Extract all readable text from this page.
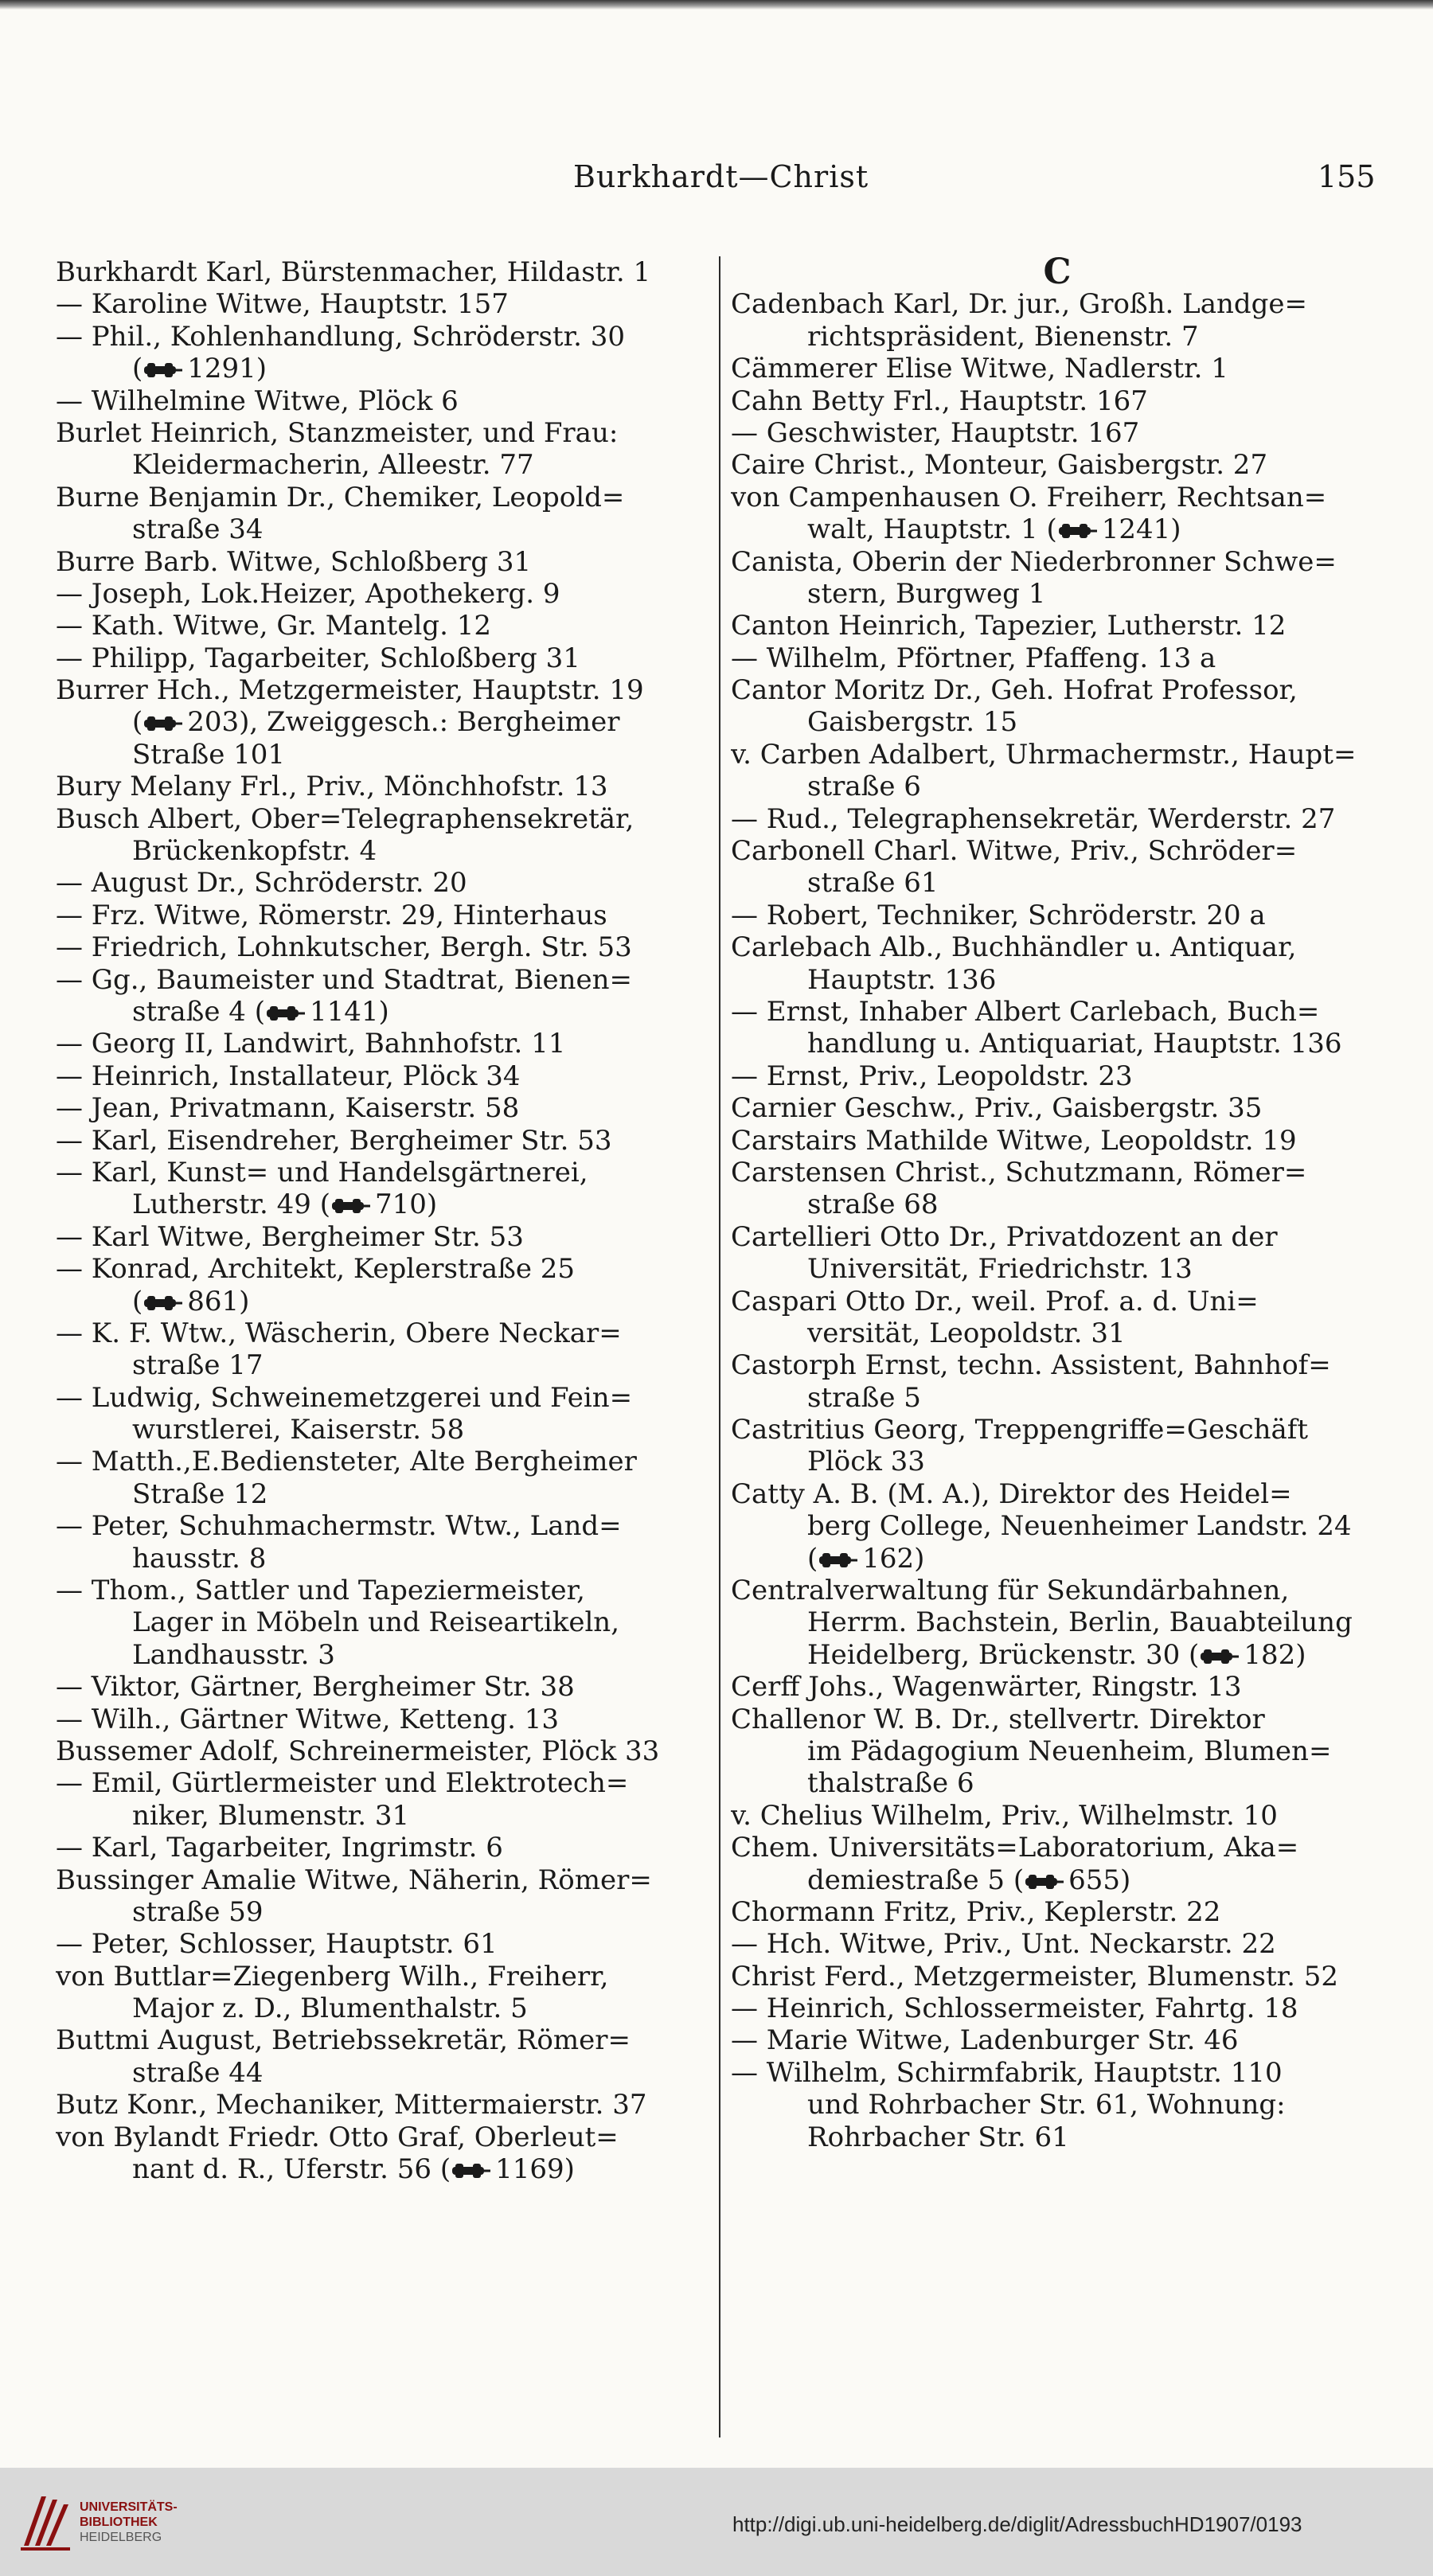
Burkhardt—Christ	155
Burkhardt Karl, Bürstenmacher, Hildastr. 1
— Karoline Witwe, Hauptstr. 157
— Phil., Kohlenhandlung, Schröderstr. 30
( 1291)
— Wilhelmine Witwe, Plöck 6
Burlet Heinrich, Stanzmeister, und Frau:
Kleidermacherin, Alleestr. 77
Burne Benjamin Dr., Chemiker, Leopold=
straße 34
Burre Barb. Witwe, Schloßberg 31
— Joseph, Lok.Heizer, Apothekerg. 9
— Kath. Witwe, Gr. Mantelg. 12
— Philipp, Tagarbeiter, Schloßberg 31
Burrer Hch., Metzgermeister, Hauptstr. 19
( 203), Zweiggesch.: Bergheimer
Straße 101
Bury Melany Frl., Priv., Mönchhofstr. 13
Busch Albert, Ober=Telegraphensekretär,
Brückenkopfstr. 4
— August Dr., Schröderstr. 20
— Frz. Witwe, Römerstr. 29, Hinterhaus
— Friedrich, Lohnkutscher, Bergh. Str. 53
— Gg., Baumeister und Stadtrat, Bienen=
straße 4 ( 1141)
— Georg II, Landwirt, Bahnhofstr. 11
— Heinrich, Installateur, Plöck 34
— Jean, Privatmann, Kaiserstr. 58
— Karl, Eisendreher, Bergheimer Str. 53
— Karl, Kunst= und Handelsgärtnerei,
Lutherstr. 49 ( 710)
— Karl Witwe, Bergheimer Str. 53
— Konrad, Architekt, Keplerstraße 25
( 861)
— K. F. Wtw., Wäscherin, Obere Neckar=
straße 17
— Ludwig, Schweinemetzgerei und Fein=
wurstlerei, Kaiserstr. 58
— Matth.,E.Bediensteter, Alte Bergheimer
Straße 12
— Peter, Schuhmachermstr. Wtw., Land=
hausstr. 8
— Thom., Sattler und Tapeziermeister,
Lager in Möbeln und Reiseartikeln,
Landhausstr. 3
— Viktor, Gärtner, Bergheimer Str. 38
— Wilh., Gärtner Witwe, Ketteng. 13
Bussemer Adolf, Schreinermeister, Plöck 33
— Emil, Gürtlermeister und Elektrotech=
niker, Blumenstr. 31
— Karl, Tagarbeiter, Ingrimstr. 6
Bussinger Amalie Witwe, Näherin, Römer=
straße 59
— Peter, Schlosser, Hauptstr. 61
von Buttlar=Ziegenberg Wilh., Freiherr,
Major z. D., Blumenthalstr. 5
Buttmi August, Betriebssekretär, Römer=
straße 44
Butz Konr., Mechaniker, Mittermaierstr. 37
von Bylandt Friedr. Otto Graf, Oberleut=
nant d. R., Uferstr. 56 ( 1169)
C
Cadenbach Karl, Dr. jur., Großh. Landge=
richtspräsident, Bienenstr. 7
Cämmerer Elise Witwe, Nadlerstr. 1
Cahn Betty Frl., Hauptstr. 167
— Geschwister, Hauptstr. 167
Caire Christ., Monteur, Gaisbergstr. 27
von Campenhausen O. Freiherr, Rechtsan=
walt, Hauptstr. 1 ( 1241)
Canista, Oberin der Niederbronner Schwe=
stern, Burgweg 1
Canton Heinrich, Tapezier, Lutherstr. 12
— Wilhelm, Pförtner, Pfaffeng. 13 a
Cantor Moritz Dr., Geh. Hofrat Professor,
Gaisbergstr. 15
v. Carben Adalbert, Uhrmachermstr., Haupt=
straße 6
— Rud., Telegraphensekretär, Werderstr. 27
Carbonell Charl. Witwe, Priv., Schröder=
straße 61
— Robert, Techniker, Schröderstr. 20 a
Carlebach Alb., Buchhändler u. Antiquar,
Hauptstr. 136
— Ernst, Inhaber Albert Carlebach, Buch=
handlung u. Antiquariat, Hauptstr. 136
— Ernst, Priv., Leopoldstr. 23
Carnier Geschw., Priv., Gaisbergstr. 35
Carstairs Mathilde Witwe, Leopoldstr. 19
Carstensen Christ., Schutzmann, Römer=
straße 68
Cartellieri Otto Dr., Privatdozent an der
Universität, Friedrichstr. 13
Caspari Otto Dr., weil. Prof. a. d. Uni=
versität, Leopoldstr. 31
Castorph Ernst, techn. Assistent, Bahnhof=
straße 5
Castritius Georg, Treppengriffe=Geschäft
Plöck 33
Catty A. B. (M. A.), Direktor des Heidel=
berg College, Neuenheimer Landstr. 24
( 162)
Centralverwaltung für Sekundärbahnen,
Herrm. Bachstein, Berlin, Bauabteilung
Heidelberg, Brückenstr. 30 ( 182)
Cerff Johs., Wagenwärter, Ringstr. 13
Challenor W. B. Dr., stellvertr. Direktor
im Pädagogium Neuenheim, Blumen=
thalstraße 6
v. Chelius Wilhelm, Priv., Wilhelmstr. 10
Chem. Universitäts=Laboratorium, Aka=
demiestraße 5 ( 655)
Chormann Fritz, Priv., Keplerstr. 22
— Hch. Witwe, Priv., Unt. Neckarstr. 22
Christ Ferd., Metzgermeister, Blumenstr. 52
— Heinrich, Schlossermeister, Fahrtg. 18
— Marie Witwe, Ladenburger Str. 46
— Wilhelm, Schirmfabrik, Hauptstr. 110
und Rohrbacher Str. 61, Wohnung:
Rohrbacher Str. 61
UNIVERSITÄTS-
BIBLIOTHEK
HEIDELBERG
http://digi.ub.uni-heidelberg.de/diglit/AdressbuchHD1907/0193
